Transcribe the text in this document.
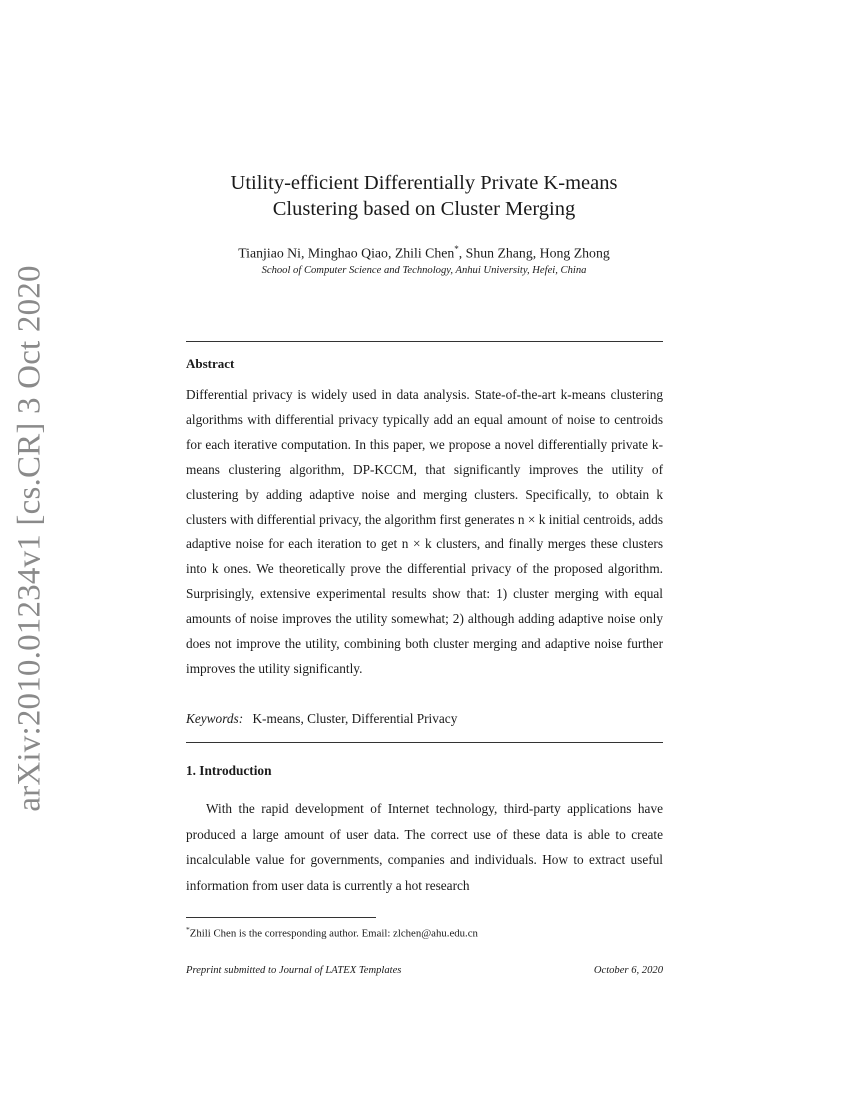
arXiv:2010.01234v1 [cs.CR] 3 Oct 2020
Utility-efficient Differentially Private K-means
Clustering based on Cluster Merging
Tianjiao Ni, Minghao Qiao, Zhili Chen*, Shun Zhang, Hong Zhong
School of Computer Science and Technology, Anhui University, Hefei, China
Abstract

Differential privacy is widely used in data analysis. State-of-the-art k-means clustering algorithms with differential privacy typically add an equal amount of noise to centroids for each iterative computation. In this paper, we propose a novel differentially private k-means clustering algorithm, DP-KCCM, that significantly improves the utility of clustering by adding adaptive noise and merging clusters. Specifically, to obtain k clusters with differential privacy, the algorithm first generates n × k initial centroids, adds adaptive noise for each iteration to get n × k clusters, and finally merges these clusters into k ones. We theoretically prove the differential privacy of the proposed algorithm. Surprisingly, extensive experimental results show that: 1) cluster merging with equal amounts of noise improves the utility somewhat; 2) although adding adaptive noise only does not improve the utility, combining both cluster merging and adaptive noise further improves the utility significantly.

Keywords: K-means, Cluster, Differential Privacy
1. Introduction

With the rapid development of Internet technology, third-party applications have produced a large amount of user data. The correct use of these data is able to create incalculable value for governments, companies and individuals. How to extract useful information from user data is currently a hot research

*Zhili Chen is the corresponding author. Email: zlchen@ahu.edu.cn
Preprint submitted to Journal of LATEX Templates	October 6, 2020
